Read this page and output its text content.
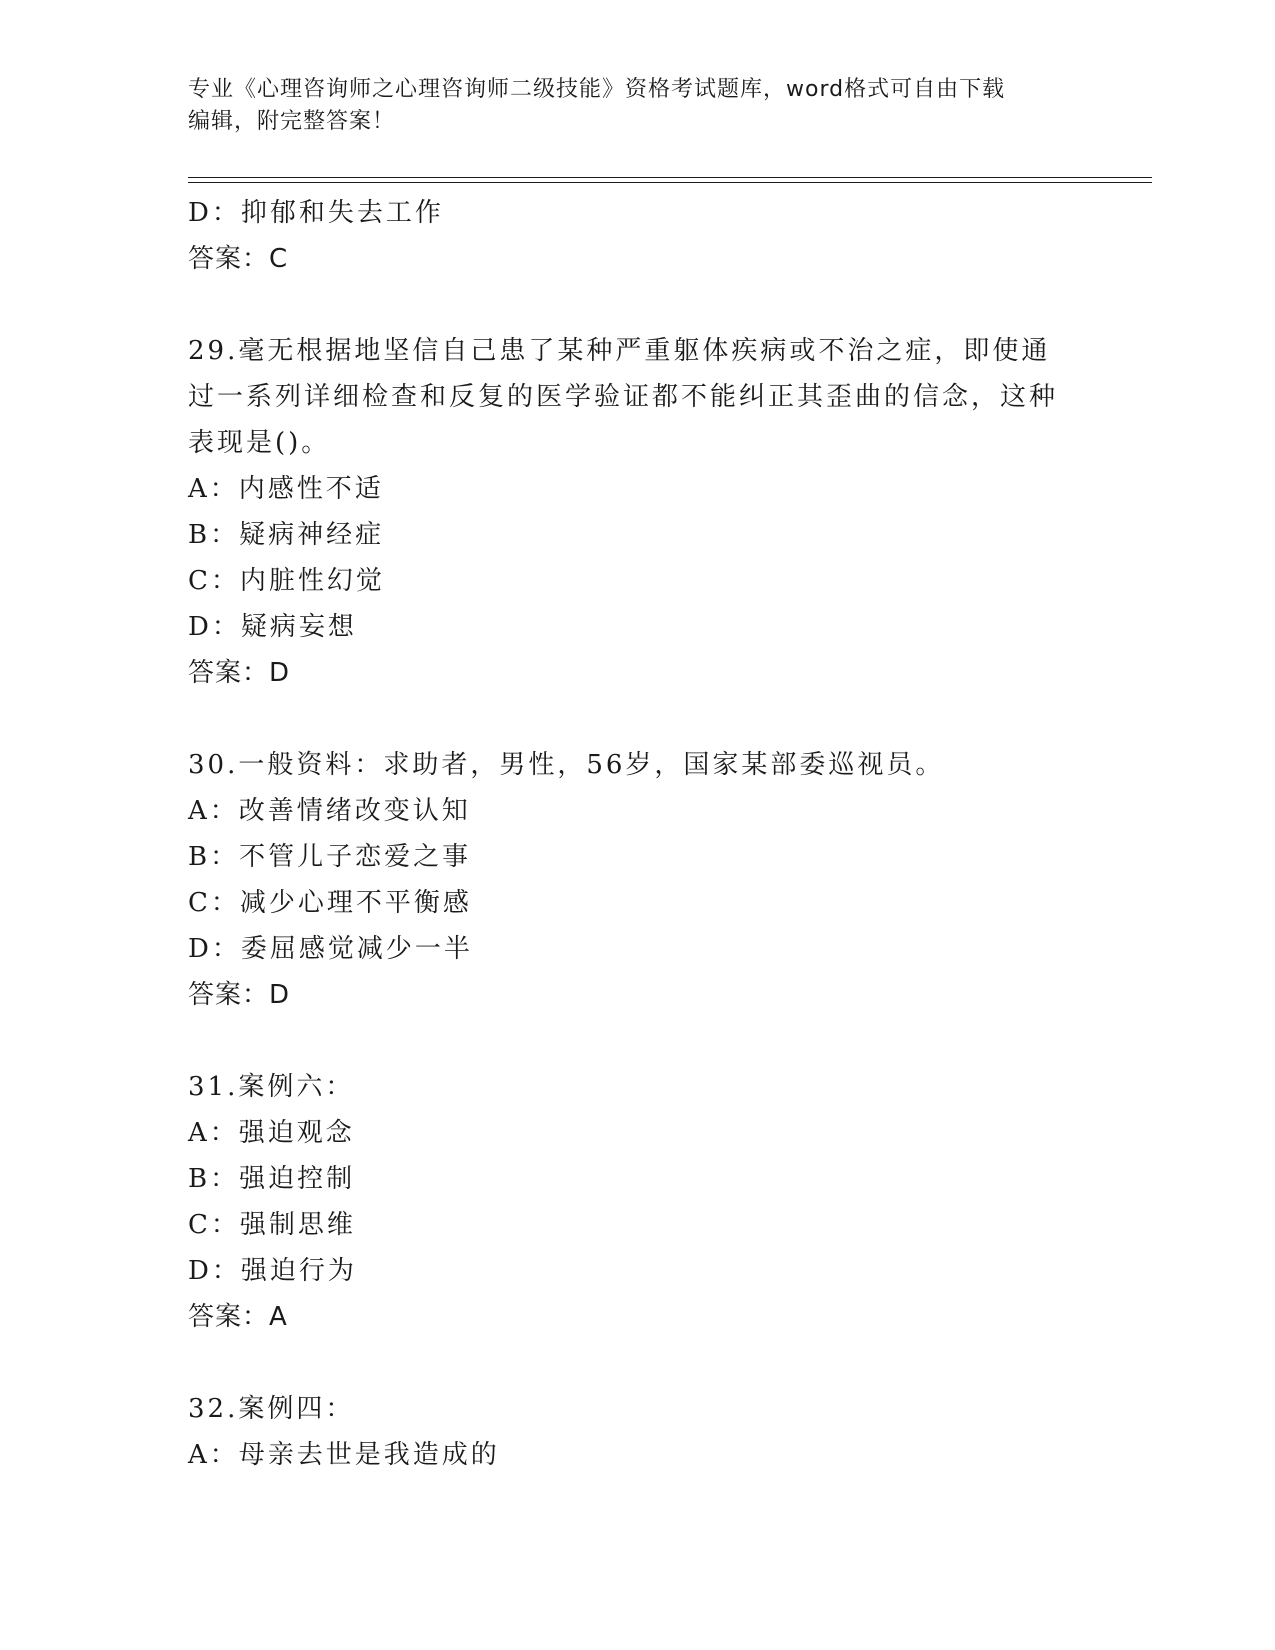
专业《心理咨询师之心理咨询师二级技能》资格考试题库，word格式可自由下载
编辑，附完整答案！
D：抑郁和失去工作
答案：C
29.毫无根据地坚信自己患了某种严重躯体疾病或不治之症，即使通过一系列详细检查和反复的医学验证都不能纠正其歪曲的信念，这种表现是()。
A：内感性不适
B：疑病神经症
C：内脏性幻觉
D：疑病妄想
答案：D
30.一般资料：求助者，男性，56岁，国家某部委巡视员。
A：改善情绪改变认知
B：不管儿子恋爱之事
C：减少心理不平衡感
D：委屈感觉减少一半
答案：D
31.案例六：
A：强迫观念
B：强迫控制
C：强制思维
D：强迫行为
答案：A
32.案例四：
A：母亲去世是我造成的
